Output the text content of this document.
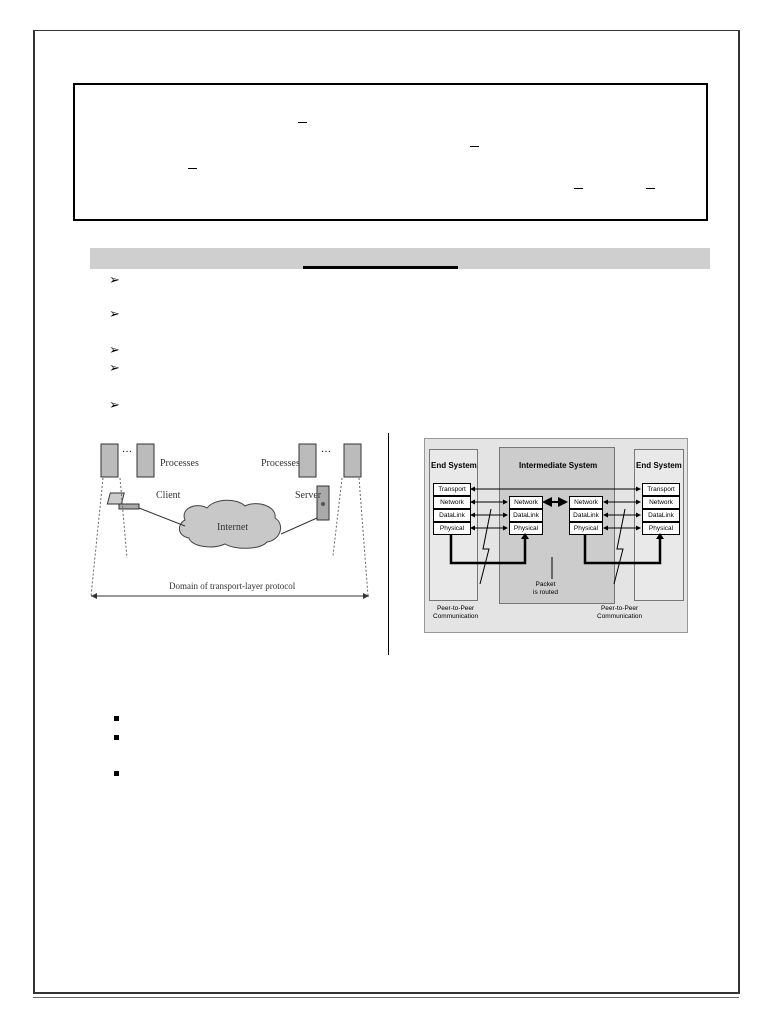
➢
➢
➢
➢
➢
···	···
Processes	Processes
Client	Server
Internet
Domain of transport-layer protocol
End System	Intermediate System	End System
Transport
Network
DataLink
Physical
Network
DataLink
Physical
Network
DataLink
Physical
Transport
Network
DataLink
Physical
Packet
is routed
Peer-to-Peer
Communication
Peer-to-Peer
Communication
